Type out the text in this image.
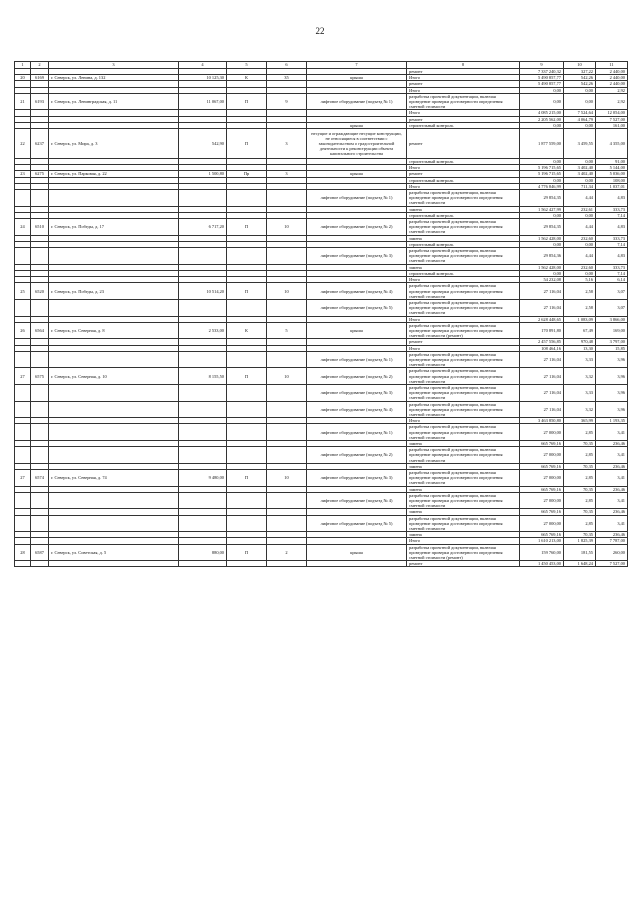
22
1	2	3	4	5	6	7	8	9	10	11
							ремонт	7 337 240,32	327,22	2 440,00
20	6169	г. Северск, ул. Ленина, д. 132	10 125,30	К	35	крыша	Итого	5 490 857,77	542,26	2 440,00
							ремонт	5 490 857,77	542,26	2 440,00
							Итого	0,00	0,00	2,92
21	6193	г. Северск, ул. Ленинградская, д. 11	11 067,00	П	9	лифтовое оборудование (подъезд № 1)	разработка проектной документации, включая проведение проверки достоверности определения сметной стоимости	0,00	0,00	2,92
							Итого	4 085 215,00	7 524,64	12 054,00
							ремонт	2 205 562,00	4 064,79	7 527,00
						крыша	строительный контроль	0,00	0,00	161,00
22	6237	г. Северск, ул. Мира, д. 3	542,90	П	3	несущие и ограждающие несущие конструкции, не относящиеся в соответствии с законодательством о градостроительной деятельности к реконструкции объекта капитального строительства	ремонт	1 877 559,00	3 459,55	4 355,00
							строительный контроль	0,00	0,00	91,00
							Итого	5 196 715,65	3 402,40	5 144,00
23	6275	г. Северск, ул. Парковая, д. 22	1 500,80	Пр	3	крыша	ремонт	5 196 715,65	3 402,40	5 036,00
							строительный контроль	0,00	0,00	108,00
							Итого	4 776 846,99	711,34	1 037,01
						лифтовое оборудование (подъезд № 1)	разработка проектной документации, включая проведение проверки достоверности определения сметной стоимости	29 854,35	4,44	4,83
							замена	1 562 427,99	232,61	333,73
							строительный контроль	0,00	0,00	7,14
24	6510	г. Северск, ул. Победы, д. 17	6 717,20	П	10	лифтовое оборудование (подъезд № 2)	разработка проектной документации, включая проведение проверки достоверности определения сметной стоимости	29 854,35	4,44	4,83
							замена	1 562 428,00	232,60	333,73
							строительный контроль	0,00	0,00	7,14
						лифтовое оборудование (подъезд № 3)	разработка проектной документации, включая проведение проверки достоверности определения сметной стоимости	29 854,36	4,44	4,83
							замена	1 562 428,00	232,60	333,73
							строительный контроль	0,00	0,00	7,14
							Итого	54 232,08	5,16	6,14
25	6520	г. Северск, ул. Победы, д. 23	10 514,20	П	10	лифтовое оборудование (подъезд № 4)	разработка проектной документации, включая проведение проверки достоверности определения сметной стоимости	27 116,04	2,58	3,07
						лифтовое оборудование (подъезд № 5)	разработка проектной документации, включая проведение проверки достоверности определения сметной стоимости	27 116,04	2,58	3,07
							Итого	2 628 448,65	1 083,09	3 866,00
26	6564	г. Северск, ул. Северная, д. 8	2 533,00	К	5	крыша	разработка проектной документации, включая проведение проверки достоверности определения сметной стоимости (ремонт)	170 891,80	67,49	169,00
							ремонт	2 457 556,85	970,48	3 797,00
							Итого	108 464,16	13,30	15,85
						лифтовое оборудование (подъезд № 1)	разработка проектной документации, включая проведение проверки достоверности определения сметной стоимости	27 116,04	3,33	3,96
27	6575	г. Северск, ул. Северная, д. 10	8 155,50	П	10	лифтовое оборудование (подъезд № 2)	разработка проектной документации, включая проведение проверки достоверности определения сметной стоимости	27 116,04	3,32	3,96
						лифтовое оборудование (подъезд № 3)	разработка проектной документации, включая проведение проверки достоверности определения сметной стоимости	27 116,04	3,33	3,96
						лифтовое оборудование (подъезд № 4)	разработка проектной документации, включая проведение проверки достоверности определения сметной стоимости	27 116,04	3,32	3,96
							Итого	3 463 850,80	365,99	1 193,35
						лифтовое оборудование (подъезд № 1)	разработка проектной документации, включая проведение проверки достоверности определения сметной стоимости	27 000,00	2,85	3,41
							замена	665 769,16	70,35	236,46
						лифтовое оборудование (подъезд № 2)	разработка проектной документации, включая проведение проверки достоверности определения сметной стоимости	27 000,00	2,85	3,41
							замена	665 769,16	70,35	236,46
27	6574	г. Северск, ул. Северная, д. 74	9 480,00	П	10	лифтовое оборудование (подъезд № 3)	разработка проектной документации, включая проведение проверки достоверности определения сметной стоимости	27 000,00	2,85	3,41
							замена	665 769,16	70,35	236,46
						лифтовое оборудование (подъезд № 4)	разработка проектной документации, включая проведение проверки достоверности определения сметной стоимости	27 000,00	2,85	3,41
							замена	665 769,16	70,35	236,46
						лифтовое оборудование (подъезд № 5)	разработка проектной документации, включая проведение проверки достоверности определения сметной стоимости	27 000,00	2,85	3,41
							замена	665 769,16	70,35	236,46
							Итого	1 610 213,00	1 825,39	7 787,00
28	6587	г. Северск, ул. Советская, д. 5	880,00	П	2	крыша	разработка проектной документации, включая проведение проверки достоверности определения сметной стоимости (ремонт)	159 760,00	181,55	260,00
							ремонт	1 450 453,00	1 648,24	7 527,00
